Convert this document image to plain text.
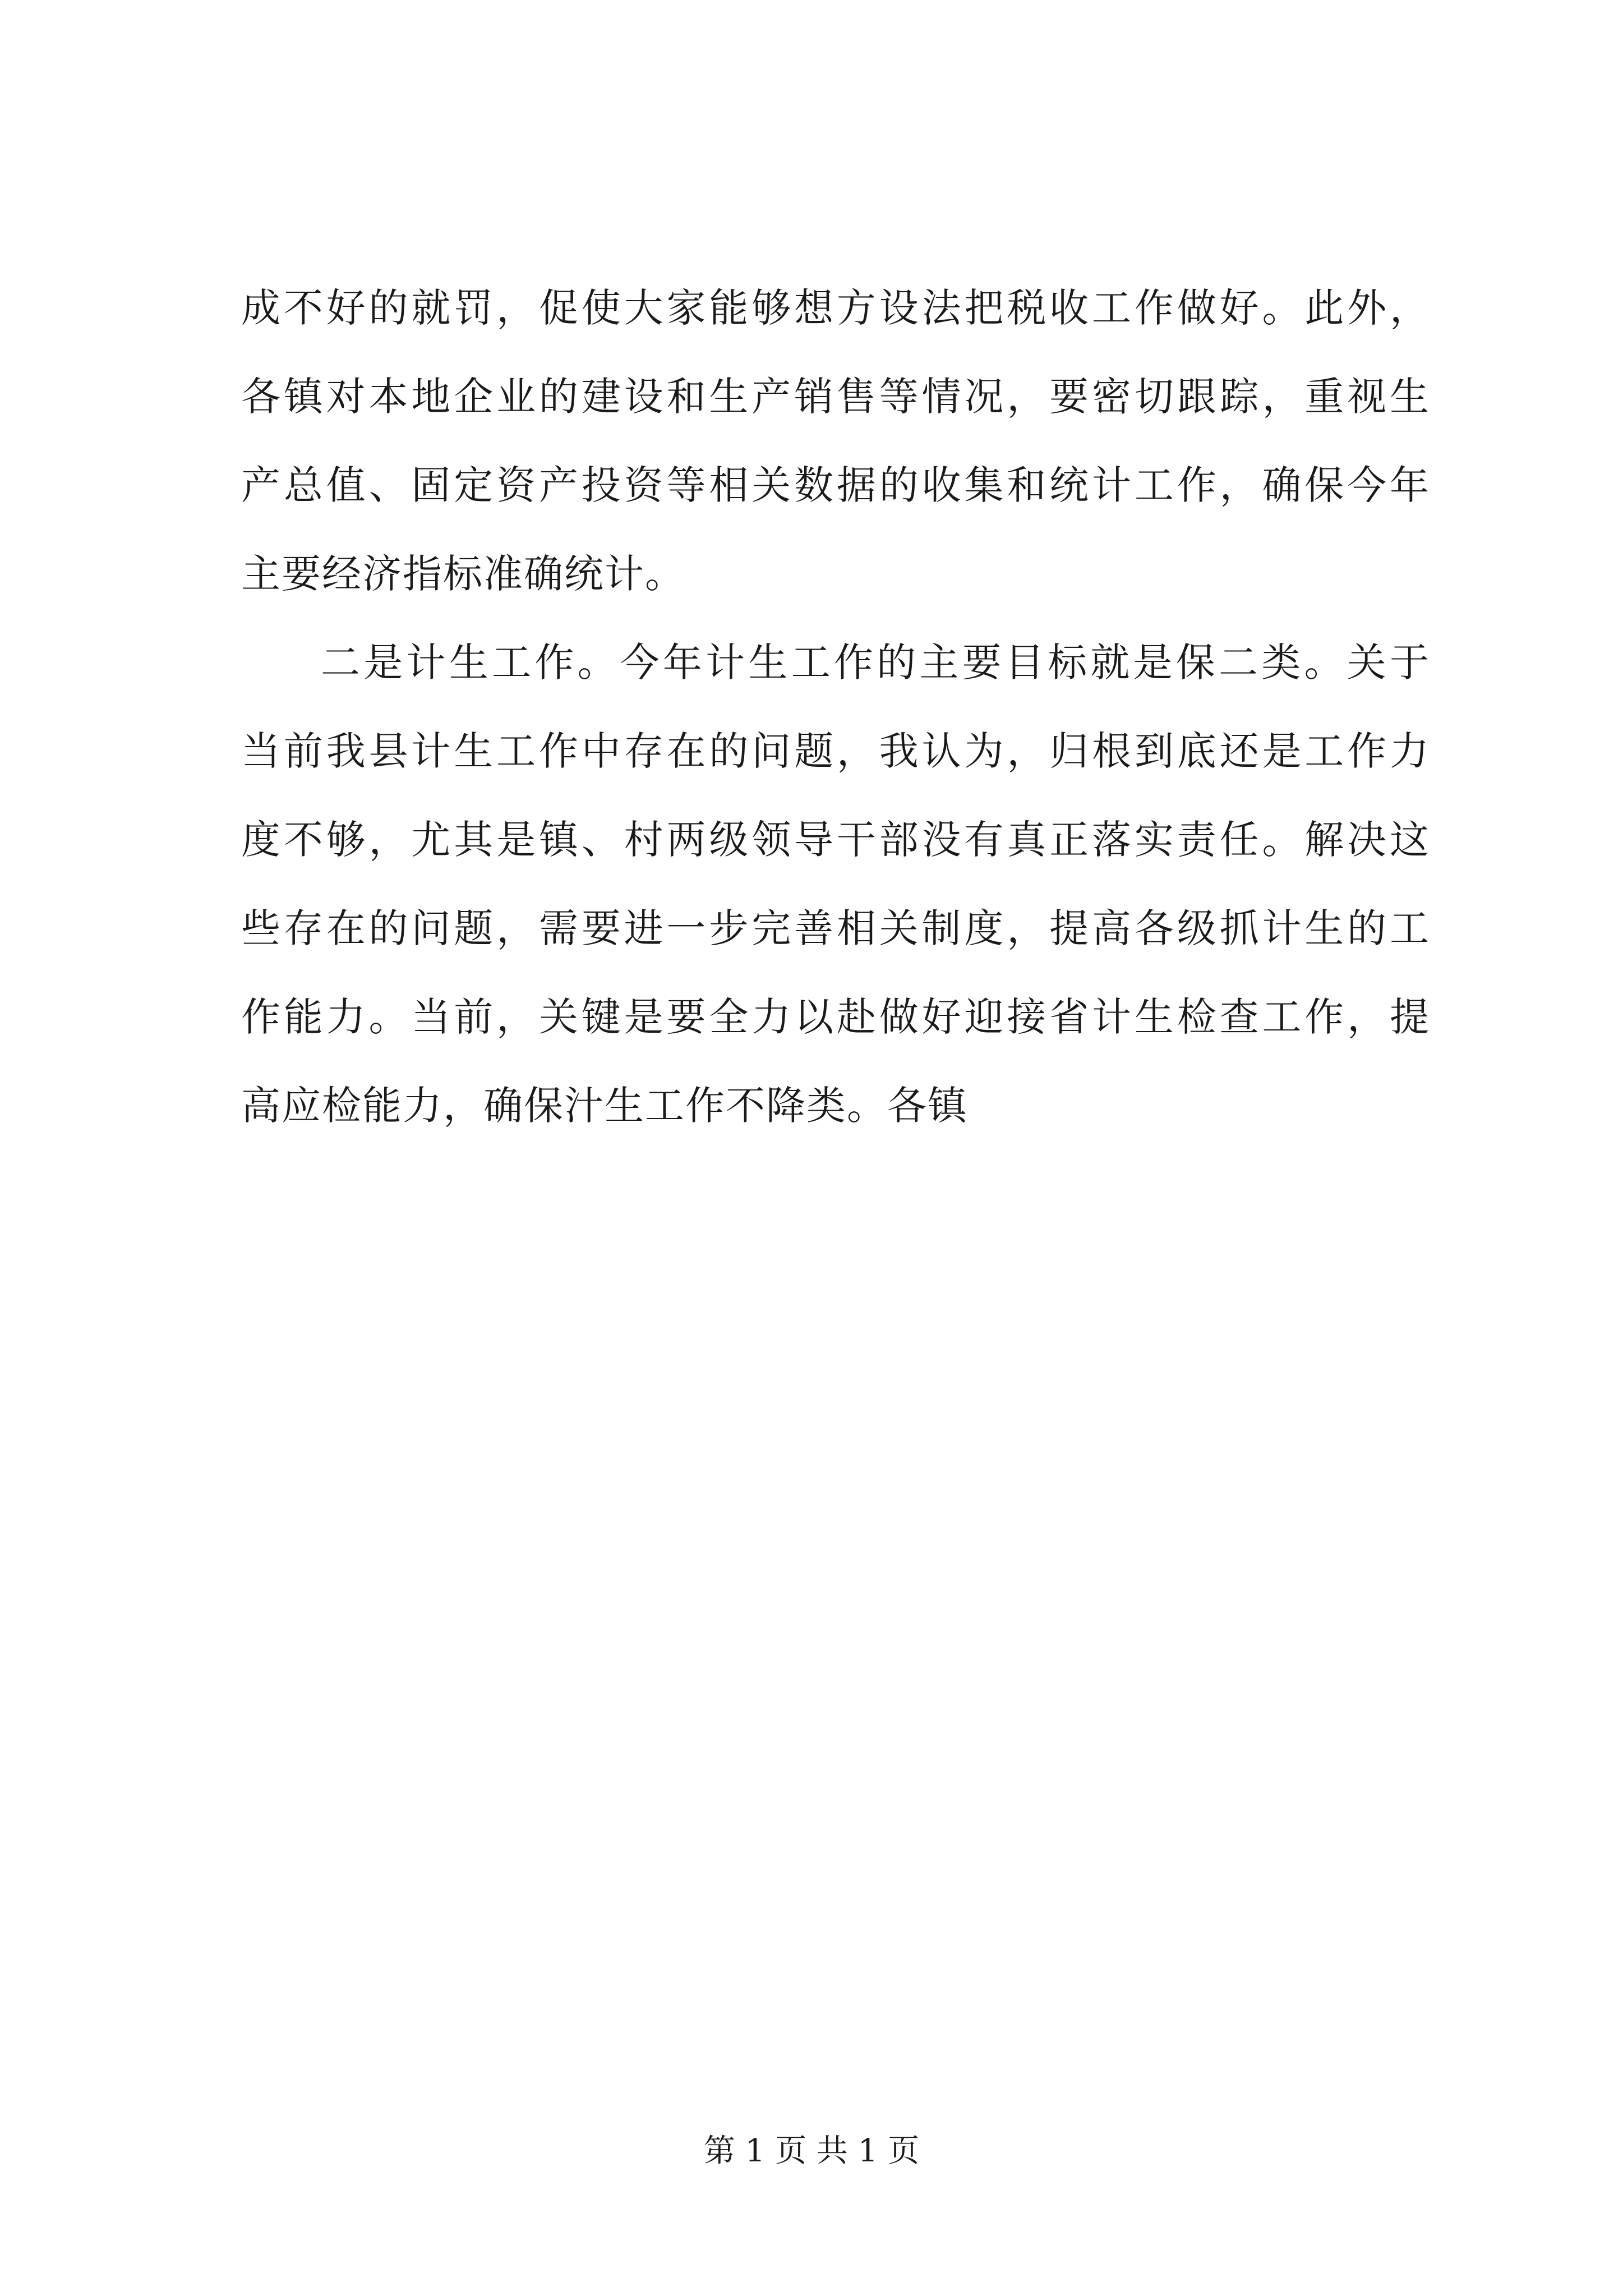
成不好的就罚，促使大家能够想方设法把税收工作做好。此外，
各镇对本地企业的建设和生产销售等情况，要密切跟踪，重视生
产总值、固定资产投资等相关数据的收集和统计工作，确保今年
主要经济指标准确统计。
二是计生工作。今年计生工作的主要目标就是保二类。关于
当前我县计生工作中存在的问题，我认为，归根到底还是工作力
度不够，尤其是镇、村两级领导干部没有真正落实责任。解决这
些存在的问题，需要进一步完善相关制度，提高各级抓计生的工
作能力。当前，关键是要全力以赴做好迎接省计生检查工作，提
高应检能力，确保汁生工作不降类。各镇
第 1 页 共 1 页
